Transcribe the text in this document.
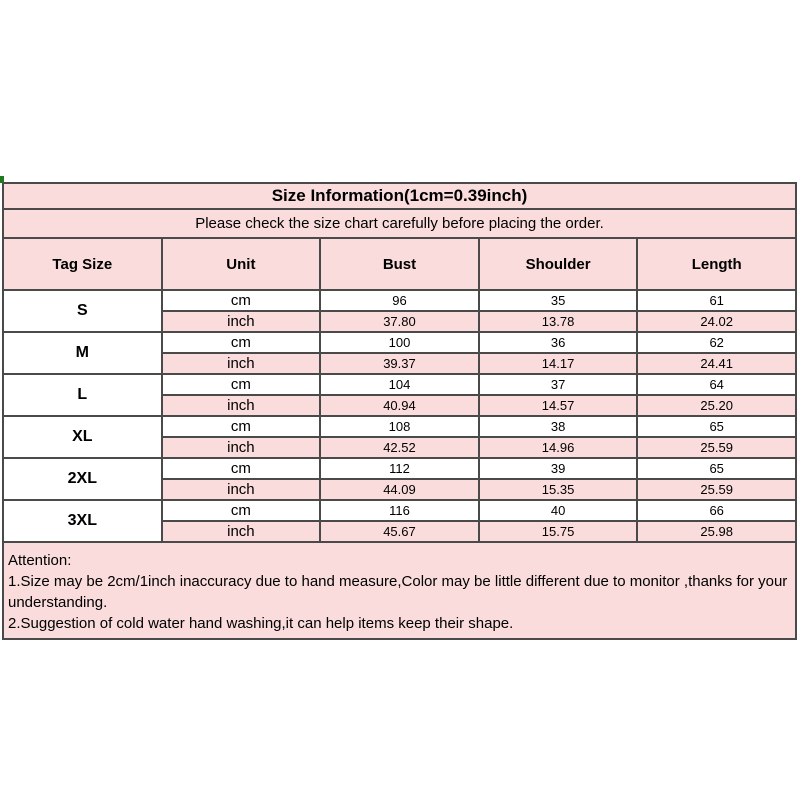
Size Information(1cm=0.39inch)				
Please check the size chart carefully before placing the order.				
Tag Size	Unit	Bust	Shoulder	Length
S	cm	96	35	61
	inch	37.80	13.78	24.02
M	cm	100	36	62
	inch	39.37	14.17	24.41
L	cm	104	37	64
	inch	40.94	14.57	25.20
XL	cm	108	38	65
	inch	42.52	14.96	25.59
2XL	cm	112	39	65
	inch	44.09	15.35	25.59
3XL	cm	116	40	66
	inch	45.67	15.75	25.98

Attention:
1.Size may be 2cm/1inch inaccuracy due to hand measure,Color may be little different due to monitor ,thanks for your understanding.
2.Suggestion of cold water hand washing,it can help items keep their shape.				
